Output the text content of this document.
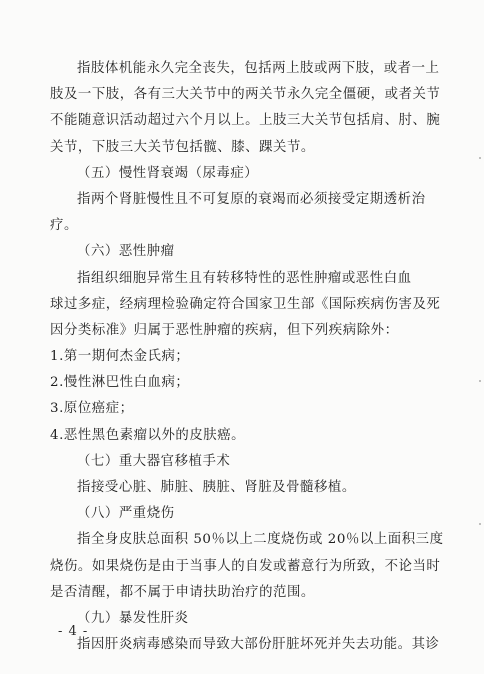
指肢体机能永久完全丧失，包括两上肢或两下肢，或者一上

肢及一下肢，各有三大关节中的两关节永久完全僵硬，或者关节

不能随意识活动超过六个月以上。上肢三大关节包括肩、肘、腕

关节，下肢三大关节包括髋、膝、踝关节。

（五）慢性肾衰竭（尿毒症）

指两个肾脏慢性且不可复原的衰竭而必须接受定期透析治

疗。

（六）恶性肿瘤

指组织细胞异常生且有转移特性的恶性肿瘤或恶性白血

球过多症，经病理检验确定符合国家卫生部《国际疾病伤害及死

因分类标准》归属于恶性肿瘤的疾病，但下列疾病除外：

1.第一期何杰金氏病；

2.慢性淋巴性白血病；

3.原位癌症；

4.恶性黑色素瘤以外的皮肤癌。

（七）重大器官移植手术

指接受心脏、肺脏、胰脏、肾脏及骨髓移植。

（八）严重烧伤

指全身皮肤总面积 50％以上二度烧伤或 20％以上面积三度

烧伤。如果烧伤是由于当事人的自发或蓄意行为所致，不论当时

是否清醒，都不属于申请扶助治疗的范围。

（九）暴发性肝炎

指因肝炎病毒感染而导致大部份肝脏坏死并失去功能。其诊

- 4 -
